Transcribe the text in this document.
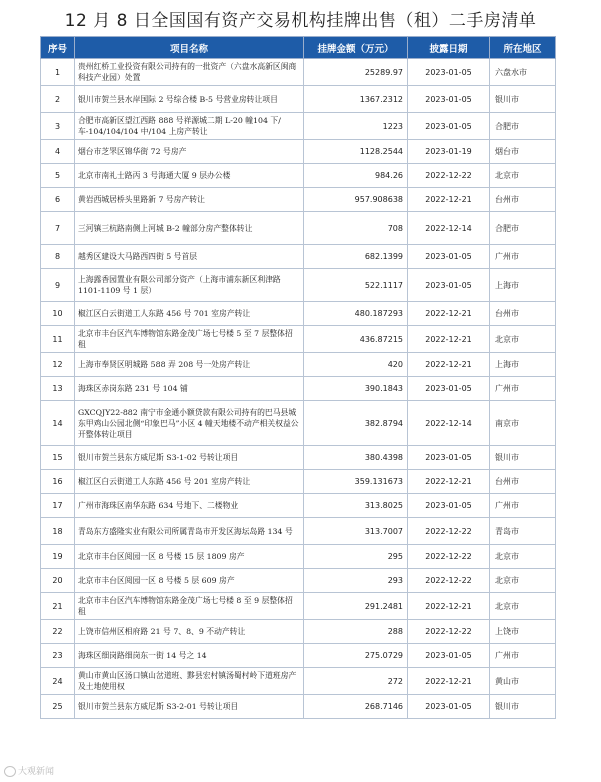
12 月 8 日全国国有资产交易机构挂牌出售（租）二手房清单
序号	项目名称	挂牌金额（万元）	披露日期	所在地区
1	贵州红桥工业投资有限公司持有的一批资产（六盘水高新区闽商科技产业园）处置	25289.97	2023-01-05	六盘水市
2	银川市贺兰县水岸国际 2 号综合楼 B-5 号营业房转让项目	1367.2312	2023-01-05	银川市
3	合肥市高新区望江西路 888 号祥源城二期 L-20 幢104 下/车-104/104/104 中/104 上房产转让	1223	2023-01-05	合肥市
4	烟台市芝罘区锦华街 72 号房产	1128.2544	2023-01-19	烟台市
5	北京市南礼士路丙 3 号海通大厦 9 层办公楼	984.26	2022-12-22	北京市
6	黄岩西城居桥头里路新 7 号房产转让	957.908638	2022-12-21	台州市
7	三河镇三杭路南侧上河城 B-2 幢部分房产整体转让	708	2022-12-14	合肥市
8	越秀区建设大马路西四街 5 号首层	682.1399	2023-01-05	广州市
9	上海露香园置业有限公司部分资产（上海市浦东新区利津路 1101-1109 号 1 层）	522.1117	2023-01-05	上海市
10	椒江区白云街道工人东路 456 号 701 室房产转让	480.187293	2022-12-21	台州市
11	北京市丰台区汽车博物馆东路金茂广场七号楼 5 至 7 层整体招租	436.87215	2022-12-21	北京市
12	上海市奉贤区明城路 588 弄 208 号一处房产转让	420	2022-12-21	上海市
13	海珠区赤岗东路 231 号 104 铺	390.1843	2023-01-05	广州市
14	GXCQJY22-882 南宁市金通小额贷款有限公司持有的巴马县城东甲鸡山公园北侧“印象巴马”小区 4 幢天地楼不动产相关权益公开整体转让项目	382.8794	2022-12-14	南京市
15	银川市贺兰县东方威尼斯 S3-1-02 号转让项目	380.4398	2023-01-05	银川市
16	椒江区白云街道工人东路 456 号 201 室房产转让	359.131673	2022-12-21	台州市
17	广州市海珠区南华东路 634 号地下、二楼物业	313.8025	2023-01-05	广州市
18	青岛东方盛隆实业有限公司所属青岛市开发区海坛岛路 134 号	313.7007	2022-12-22	青岛市
19	北京市丰台区阅园一区 8 号楼 15 层 1809 房产	295	2022-12-22	北京市
20	北京市丰台区阅园一区 8 号楼 5 层 609 房产	293	2022-12-22	北京市
21	北京市丰台区汽车博物馆东路金茂广场七号楼 8 至 9 层整体招租	291.2481	2022-12-21	北京市
22	上饶市信州区相府路 21 号 7、8、9 不动产转让	288	2022-12-22	上饶市
23	海珠区细岗路细岗东一街 14 号之 14	275.0729	2023-01-05	广州市
24	黄山市黄山区汤口镇山岔道班、黟县宏村镇汤蜀村岭下道班房产及土地使用权	272	2022-12-21	黄山市
25	银川市贺兰县东方威尼斯 S3-2-01 号转让项目	268.7146	2023-01-05	银川市
大观新闻
